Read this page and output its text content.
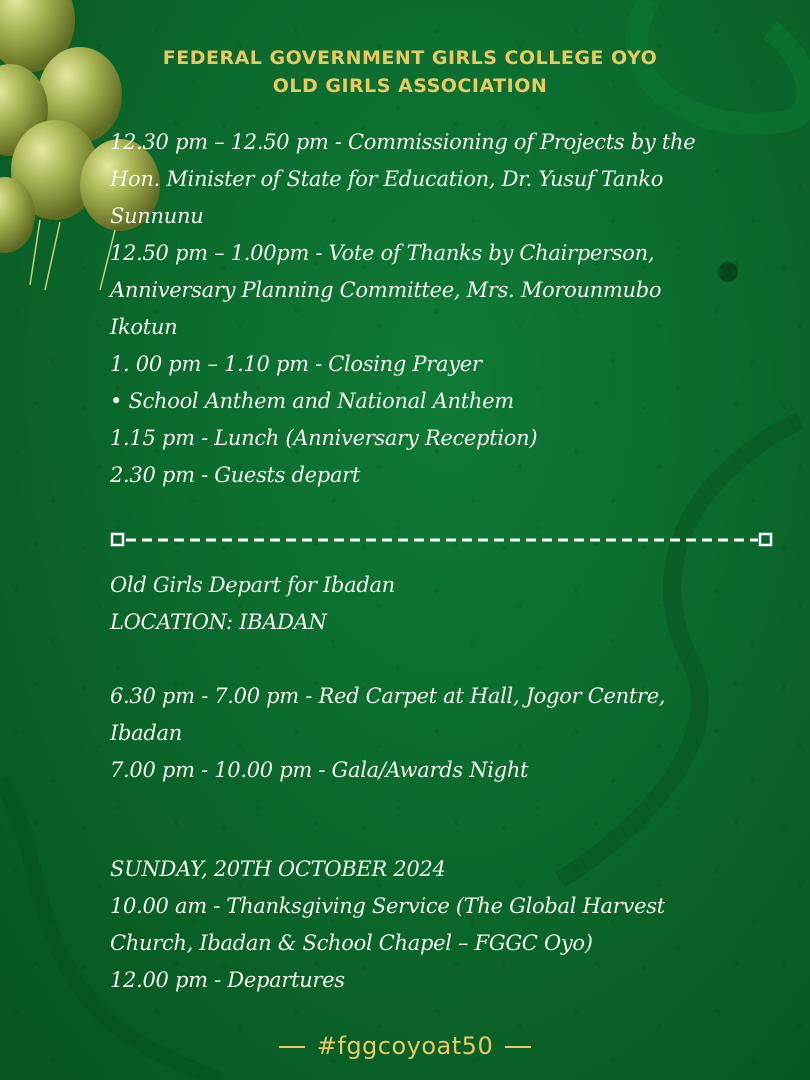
FEDERAL GOVERNMENT GIRLS COLLEGE OYO
OLD GIRLS ASSOCIATION
12.30 pm – 12.50 pm - Commissioning of Projects by the
Hon. Minister of State for Education, Dr. Yusuf Tanko
Sunnunu
12.50 pm – 1.00pm - Vote of Thanks by Chairperson,
Anniversary Planning Committee, Mrs. Morounmubo
Ikotun
1. 00 pm – 1.10 pm - Closing Prayer
• School Anthem and National Anthem
1.15 pm - Lunch (Anniversary Reception)
2.30 pm - Guests depart
Old Girls Depart for Ibadan
LOCATION: IBADAN
6.30 pm - 7.00 pm - Red Carpet at Hall, Jogor Centre,
Ibadan
7.00 pm - 10.00 pm - Gala/Awards Night
SUNDAY, 20TH OCTOBER 2024
10.00 am - Thanksgiving Service (The Global Harvest
Church, Ibadan & School Chapel – FGGC Oyo)
12.00 pm - Departures
#fggcoyoat50
